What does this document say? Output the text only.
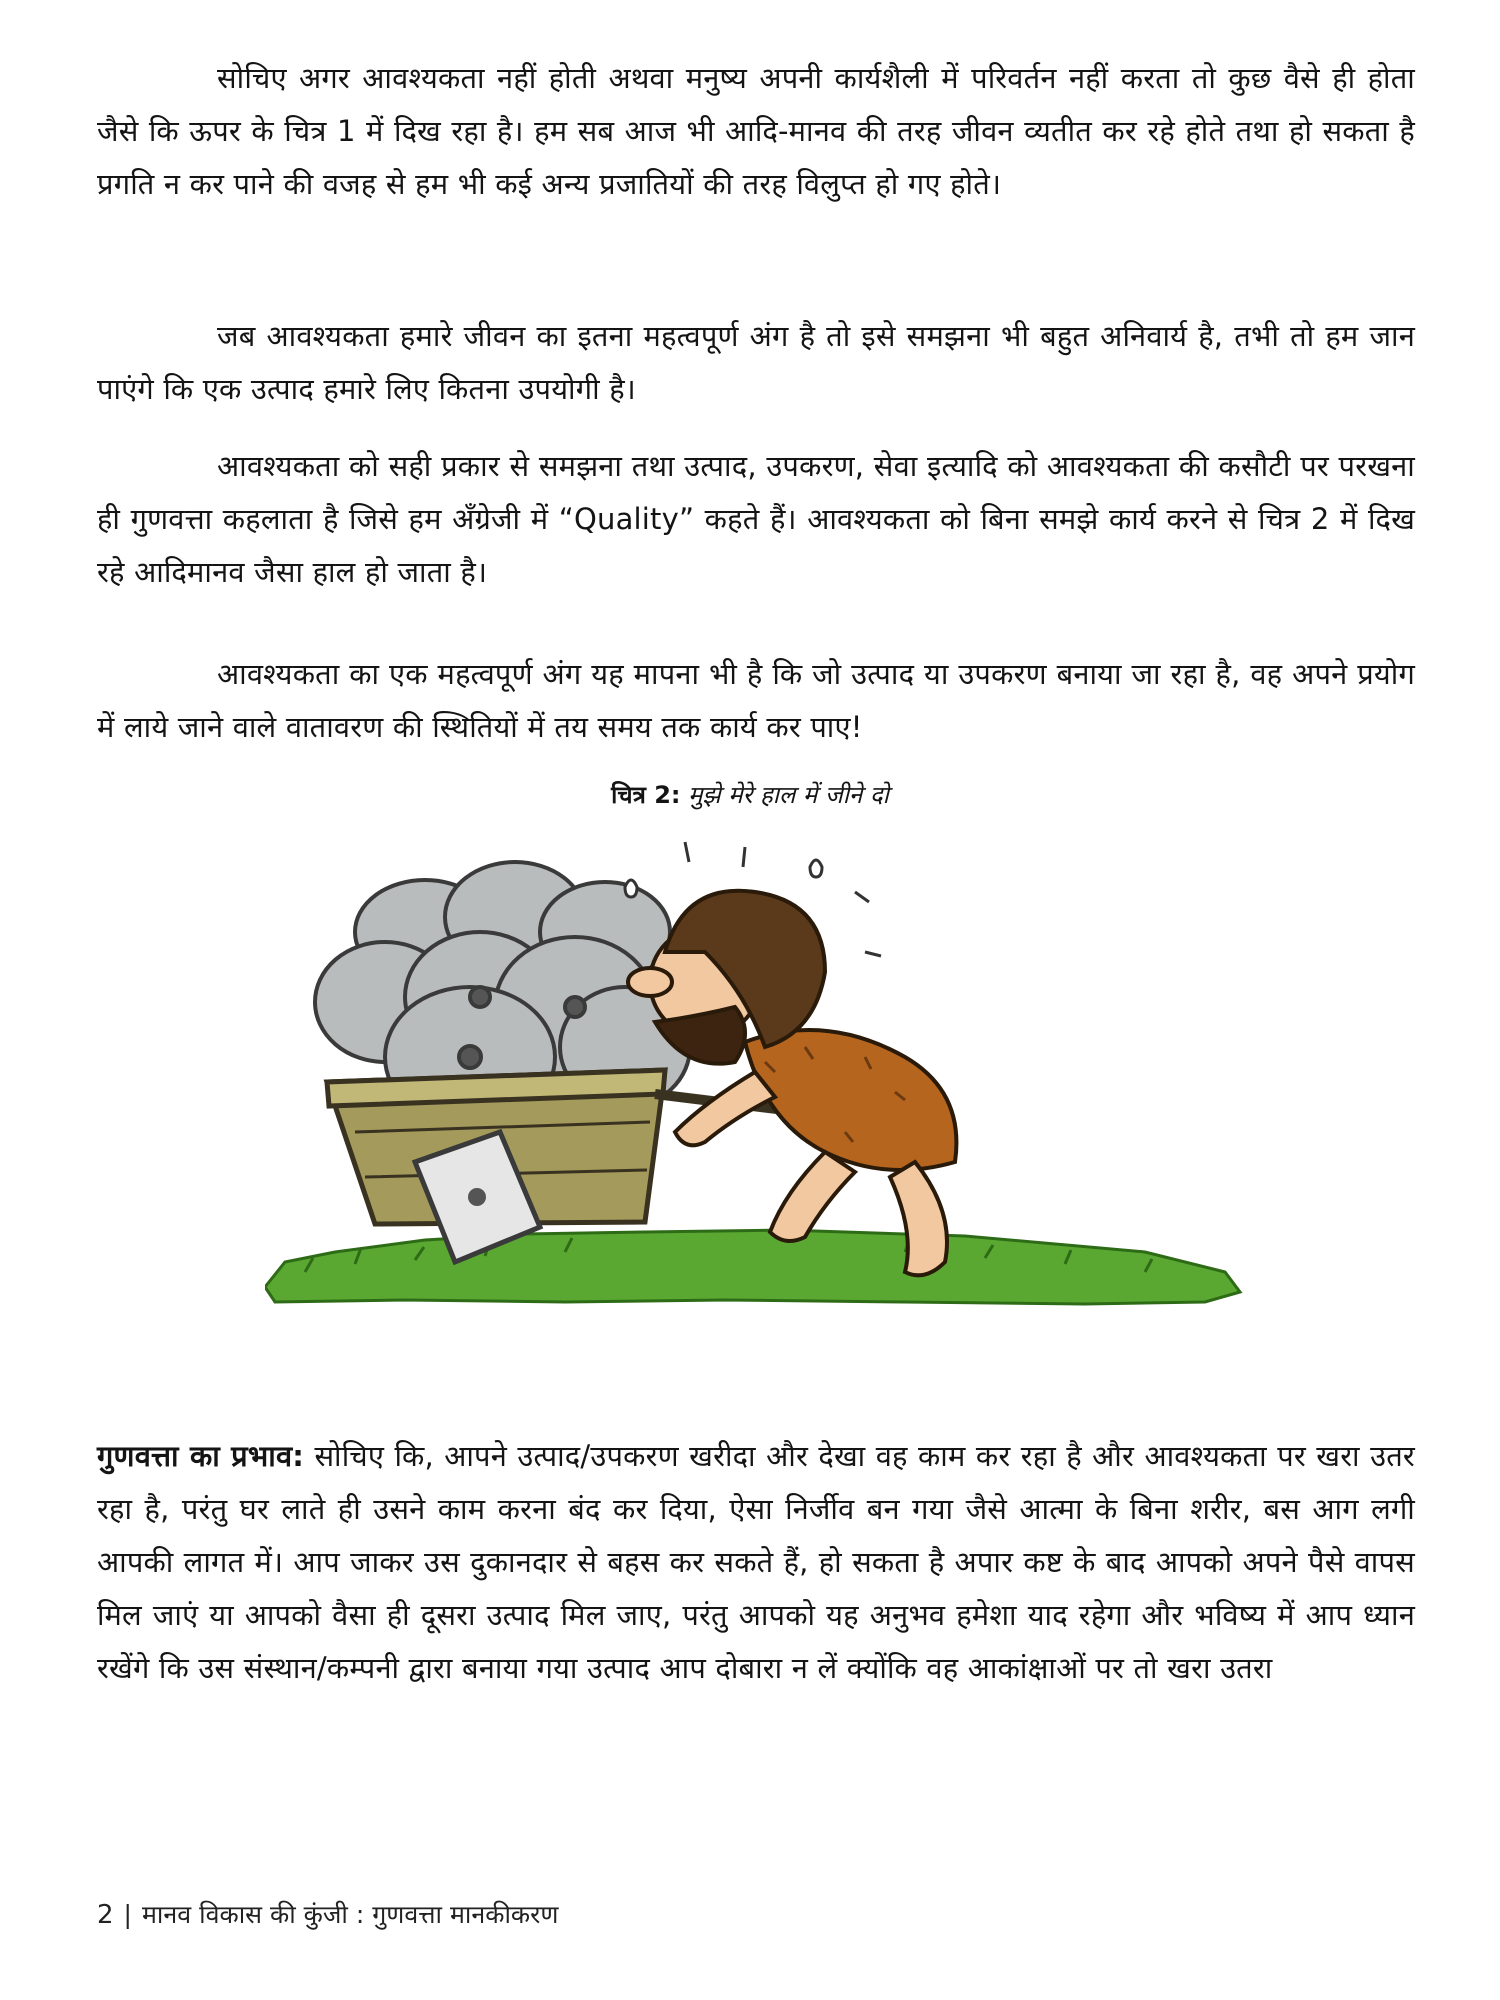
सोचिए अगर आवश्यकता नहीं होती अथवा मनुष्य अपनी कार्यशैली में परिवर्तन नहीं करता तो कुछ वैसे ही होता जैसे कि ऊपर के चित्र 1 में दिख रहा है। हम सब आज भी आदि-मानव की तरह जीवन व्यतीत कर रहे होते तथा हो सकता है प्रगति न कर पाने की वजह से हम भी कई अन्य प्रजातियों की तरह विलुप्त हो गए होते।

जब आवश्यकता हमारे जीवन का इतना महत्वपूर्ण अंग है तो इसे समझना भी बहुत अनिवार्य है, तभी तो हम जान पाएंगे कि एक उत्पाद हमारे लिए कितना उपयोगी है।

आवश्यकता को सही प्रकार से समझना तथा उत्पाद, उपकरण, सेवा इत्यादि को आवश्यकता की कसौटी पर परखना ही गुणवत्ता कहलाता है जिसे हम अँग्रेजी में “Quality” कहते हैं। आवश्यकता को बिना समझे कार्य करने से चित्र 2 में दिख रहे आदिमानव जैसा हाल हो जाता है।

आवश्यकता का एक महत्वपूर्ण अंग यह मापना भी है कि जो उत्पाद या उपकरण बनाया जा रहा है, वह अपने प्रयोग में लाये जाने वाले वातावरण की स्थितियों में तय समय तक कार्य कर पाए!

चित्र 2: मुझे मेरे हाल में जीने दो

गुणवत्ता का प्रभाव: सोचिए कि, आपने उत्पाद/उपकरण खरीदा और देखा वह काम कर रहा है और आवश्यकता पर खरा उतर रहा है, परंतु घर लाते ही उसने काम करना बंद कर दिया, ऐसा निर्जीव बन गया जैसे आत्मा के बिना शरीर, बस आग लगी आपकी लागत में। आप जाकर उस दुकानदार से बहस कर सकते हैं, हो सकता है अपार कष्ट के बाद आपको अपने पैसे वापस मिल जाएं या आपको वैसा ही दूसरा उत्पाद मिल जाए, परंतु आपको यह अनुभव हमेशा याद रहेगा और भविष्य में आप ध्यान रखेंगे कि उस संस्थान/कम्पनी द्वारा बनाया गया उत्पाद आप दोबारा न लें क्योंकि वह आकांक्षाओं पर तो खरा उतरा

2 | मानव विकास की कुंजी : गुणवत्ता मानकीकरण
